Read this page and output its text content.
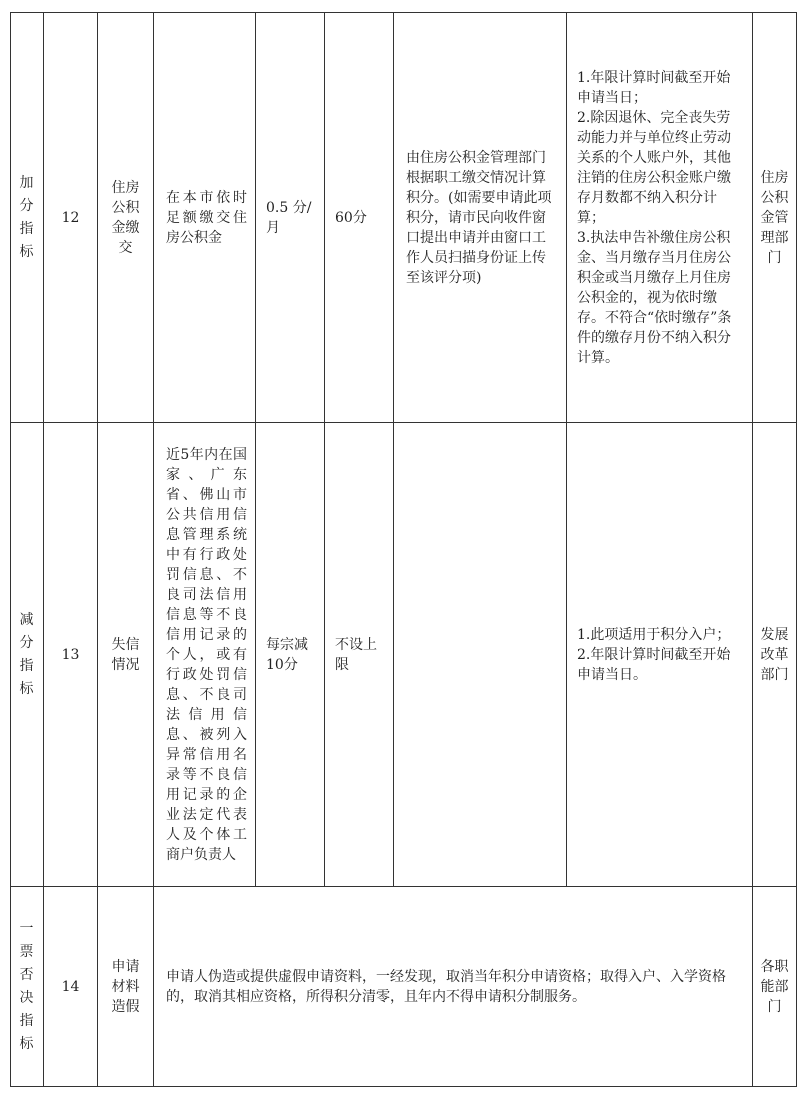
加分指标	12	住房公积金缴交	在本市依时足额缴交住房公积金	0.5 分/月	60分	由住房公积金管理部门根据职工缴交情况计算积分。(如需要申请此项积分，请市民向收件窗口提出申请并由窗口工作人员扫描身份证上传至该评分项)	1.年限计算时间截至开始申请当日；
2.除因退休、完全丧失劳动能力并与单位终止劳动关系的个人账户外，其他注销的住房公积金账户缴存月数都不纳入积分计算；
3.执法申告补缴住房公积金、当月缴存当月住房公积金或当月缴存上月住房公积金的，视为依时缴存。不符合“依时缴存”条件的缴存月份不纳入积分计算。	住房公积金管理部门
减分指标	13	失信情况	近5年内在国家、广东省、佛山市公共信用信息管理系统中有行政处罚信息、不良司法信用信息等不良信用记录的个人，或有行政处罚信息、不良司法信用信息、被列入异常信用名录等不良信用记录的企业法定代表人及个体工商户负责人	每宗减10分	不设上限		1.此项适用于积分入户；
2.年限计算时间截至开始申请当日。	发展改革部门
一票否决指标	14	申请材料造假	申请人伪造或提供虚假申请资料，一经发现，取消当年积分申请资格；取得入户、入学资格的，取消其相应资格，所得积分清零，且年内不得申请积分制服务。					各职能部门
